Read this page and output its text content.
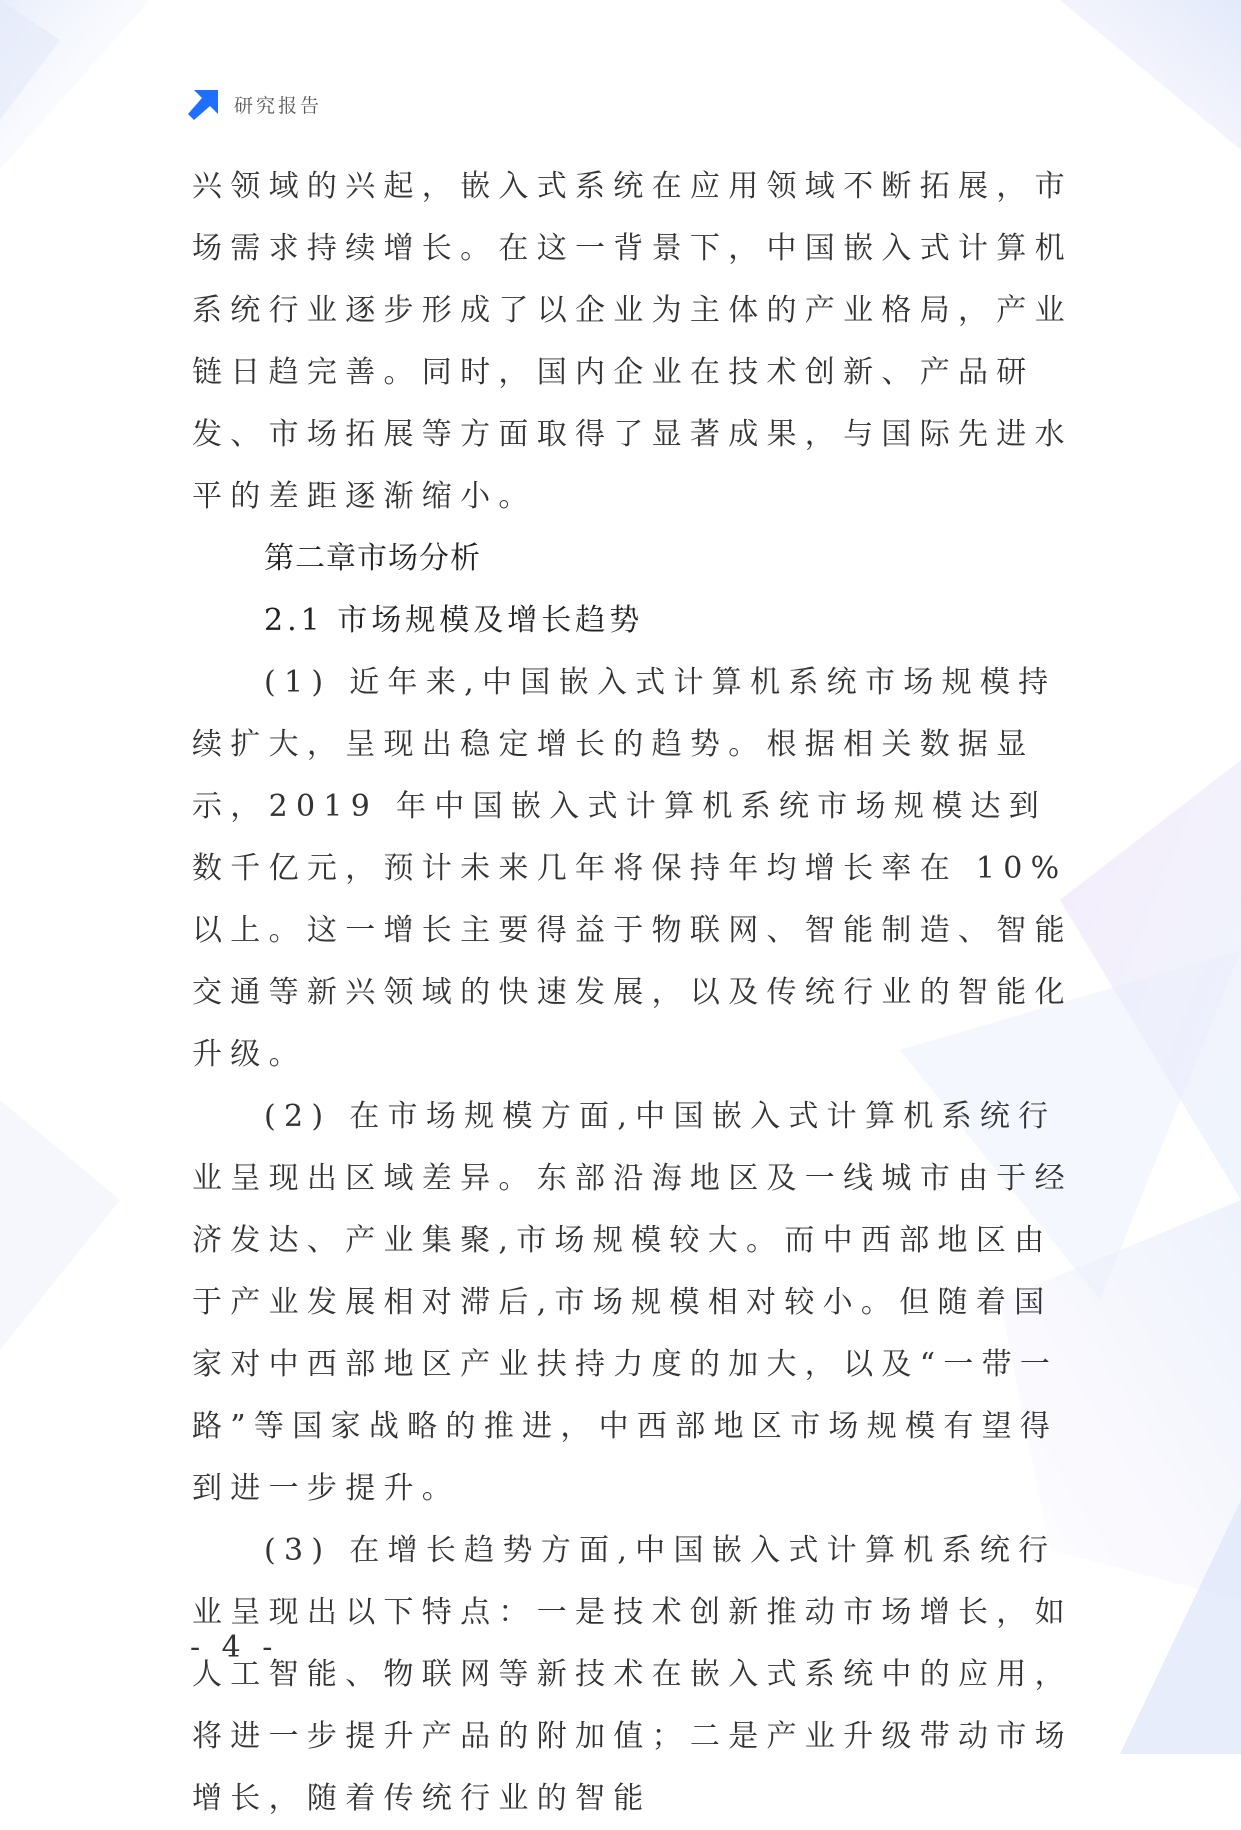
研究报告

兴领域的兴起，嵌入式系统在应用领域不断拓展，市场需求持续增长。在这一背景下，中国嵌入式计算机系统行业逐步形成了以企业为主体的产业格局，产业链日趋完善。同时，国内企业在技术创新、产品研发、市场拓展等方面取得了显著成果，与国际先进水平的差距逐渐缩小。

第二章市场分析

2.1 市场规模及增长趋势

(1) 近年来,中国嵌入式计算机系统市场规模持续扩大，呈现出稳定增长的趋势。根据相关数据显示，2019 年中国嵌入式计算机系统市场规模达到数千亿元，预计未来几年将保持年均增长率在 10%以上。这一增长主要得益于物联网、智能制造、智能交通等新兴领域的快速发展，以及传统行业的智能化升级。

(2) 在市场规模方面,中国嵌入式计算机系统行业呈现出区域差异。东部沿海地区及一线城市由于经济发达、产业集聚,市场规模较大。而中西部地区由于产业发展相对滞后,市场规模相对较小。但随着国家对中西部地区产业扶持力度的加大，以及“一带一路”等国家战略的推进，中西部地区市场规模有望得到进一步提升。

(3) 在增长趋势方面,中国嵌入式计算机系统行业呈现出以下特点：一是技术创新推动市场增长，如人工智能、物联网等新技术在嵌入式系统中的应用，将进一步提升产品的附加值；二是产业升级带动市场增长，随着传统行业的智能

- 4 -
